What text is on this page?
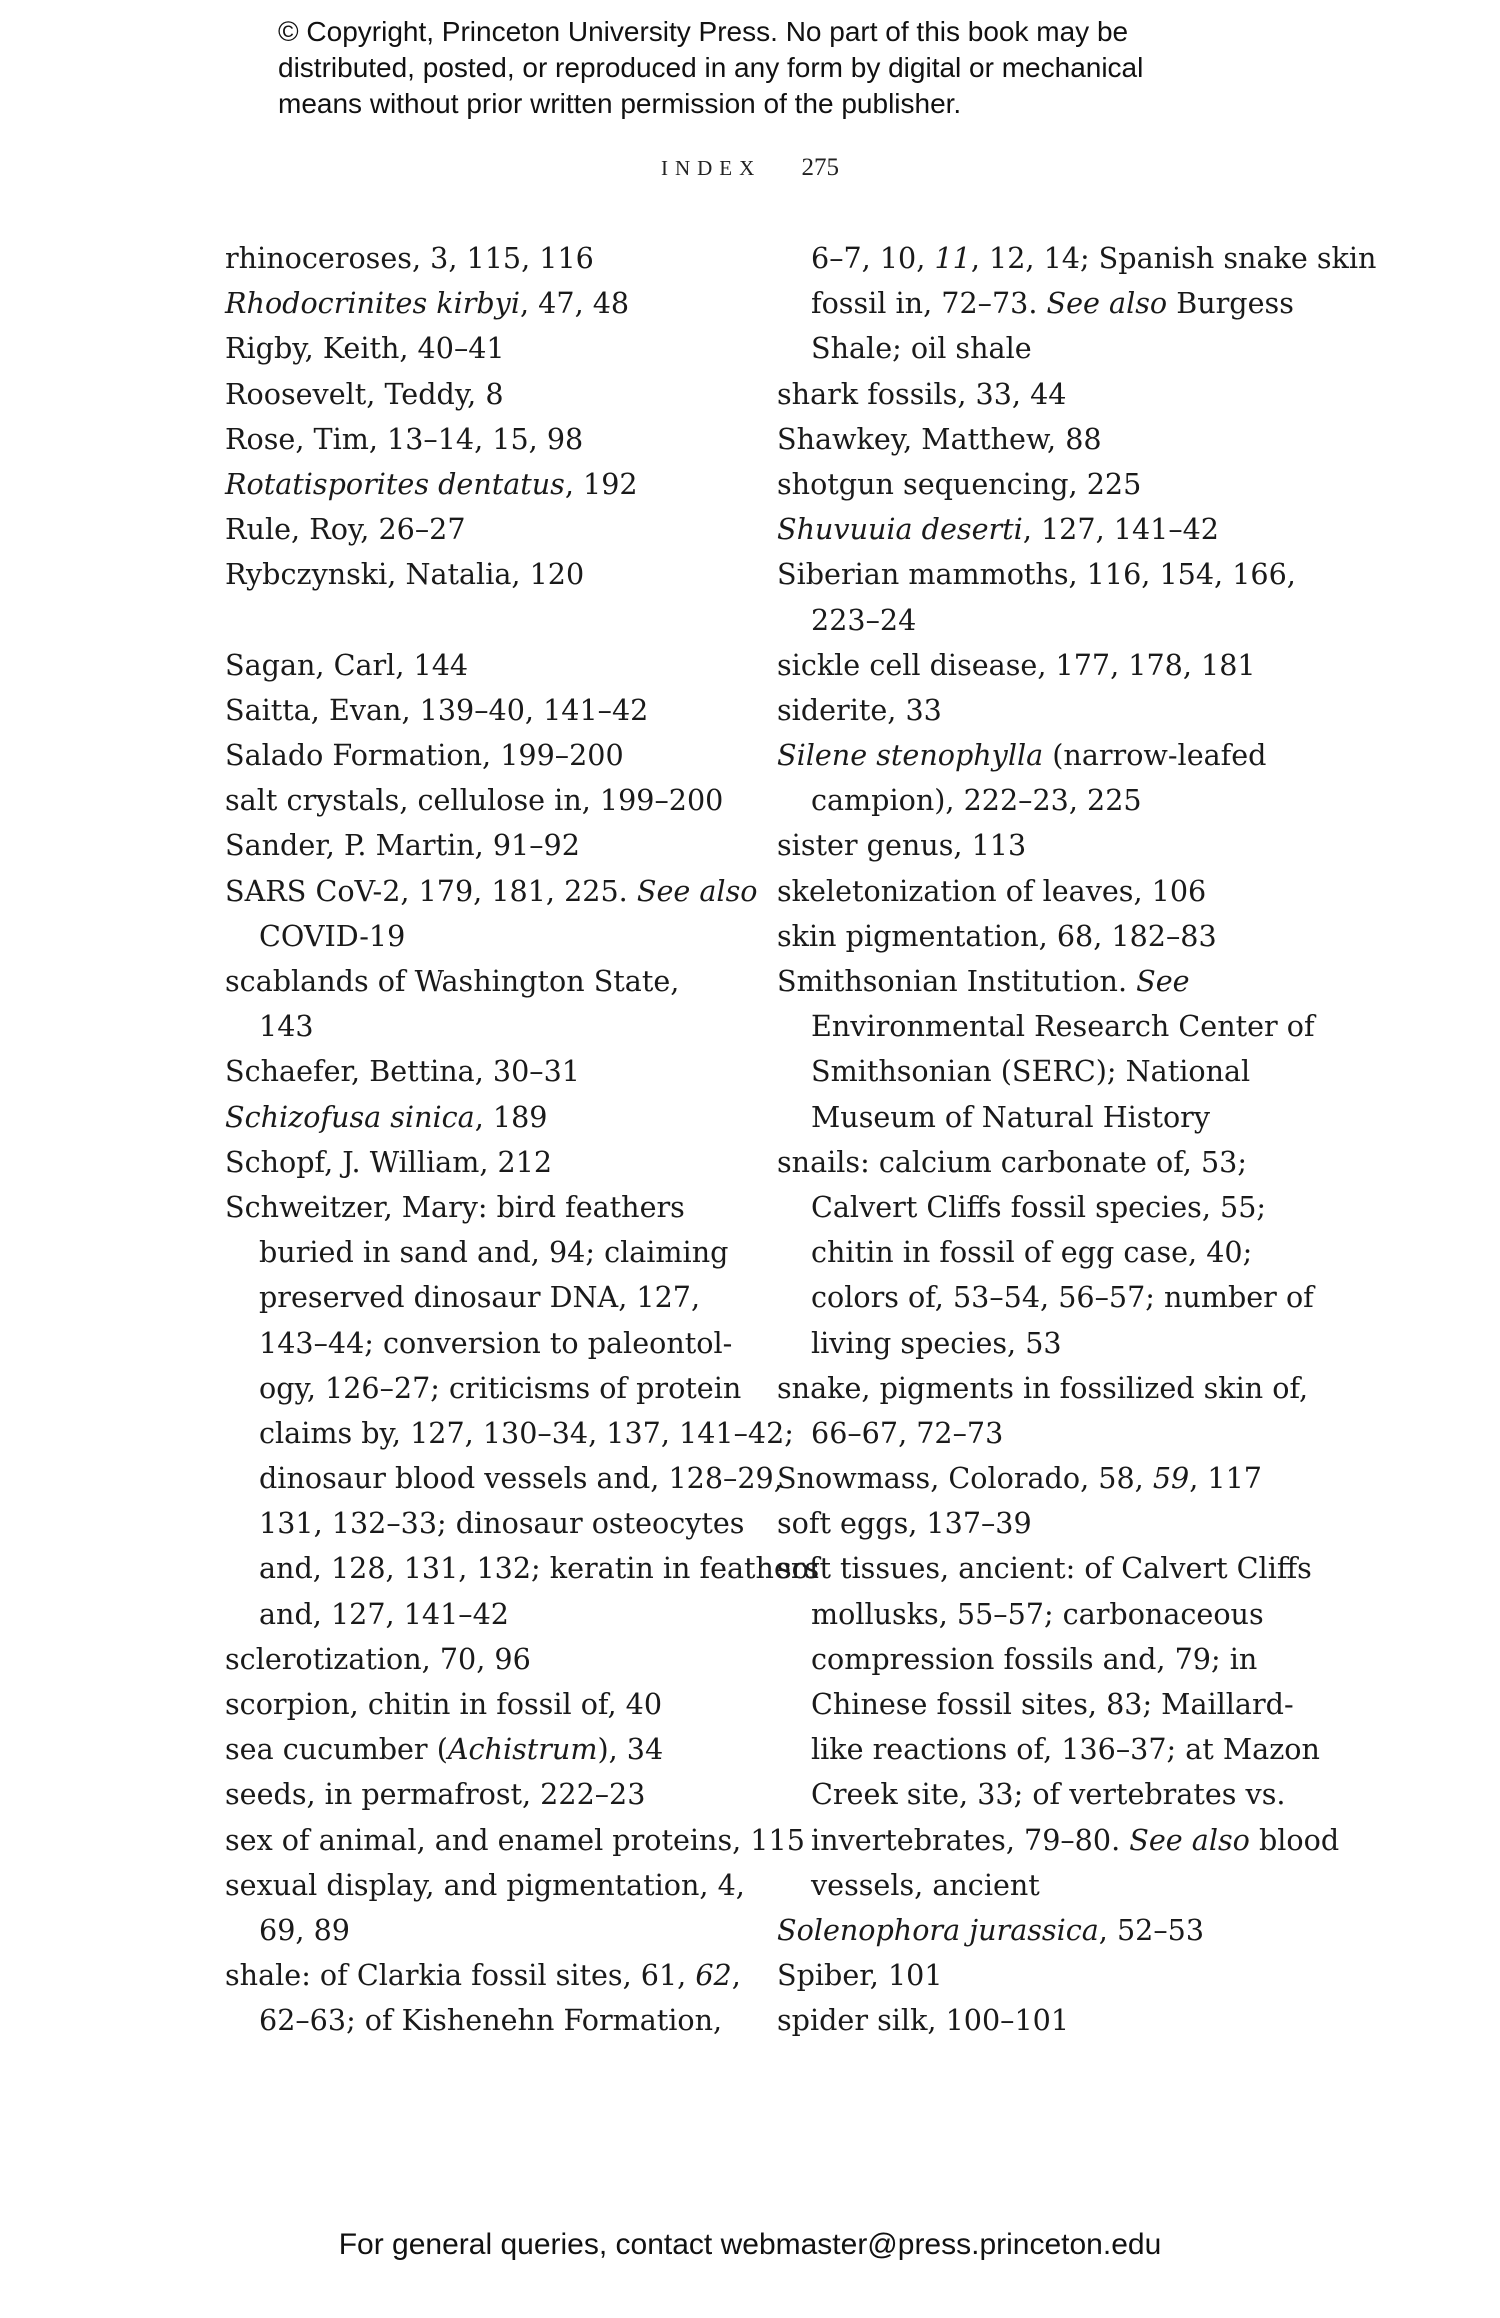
© Copyright, Princeton University Press. No part of this book may be
distributed, posted, or reproduced in any form by digital or mechanical
means without prior written permission of the publisher.
INDEX 275
rhinoceroses, 3, 115, 116
Rhodocrinites kirbyi, 47, 48
Rigby, Keith, 40–41
Roosevelt, Teddy, 8
Rose, Tim, 13–14, 15, 98
Rotatisporites dentatus, 192
Rule, Roy, 26–27
Rybczynski, Natalia, 120
Sagan, Carl, 144
Saitta, Evan, 139–40, 141–42
Salado Formation, 199–200
salt crystals, cellulose in, 199–200
Sander, P. Martin, 91–92
SARS CoV-2, 179, 181, 225. See also
COVID-19
scablands of Washington State,
143
Schaefer, Bettina, 30–31
Schizofusa sinica, 189
Schopf, J. William, 212
Schweitzer, Mary: bird feathers
buried in sand and, 94; claiming
preserved dinosaur DNA, 127,
143–44; conversion to paleontol-
ogy, 126–27; criticisms of protein
claims by, 127, 130–34, 137, 141–42;
dinosaur blood vessels and, 128–29,
131, 132–33; dinosaur osteocytes
and, 128, 131, 132; keratin in feathers
and, 127, 141–42
sclerotization, 70, 96
scorpion, chitin in fossil of, 40
sea cucumber (Achistrum), 34
seeds, in permafrost, 222–23
sex of animal, and enamel proteins, 115
sexual display, and pigmentation, 4,
69, 89
shale: of Clarkia fossil sites, 61, 62,
62–63; of Kishenehn Formation,
6–7, 10, 11, 12, 14; Spanish snake skin
fossil in, 72–73. See also Burgess
Shale; oil shale
shark fossils, 33, 44
Shawkey, Matthew, 88
shotgun sequencing, 225
Shuvuuia deserti, 127, 141–42
Siberian mammoths, 116, 154, 166,
223–24
sickle cell disease, 177, 178, 181
siderite, 33
Silene stenophylla (narrow-leafed
campion), 222–23, 225
sister genus, 113
skeletonization of leaves, 106
skin pigmentation, 68, 182–83
Smithsonian Institution. See
Environmental Research Center of
Smithsonian (SERC); National
Museum of Natural History
snails: calcium carbonate of, 53;
Calvert Cliffs fossil species, 55;
chitin in fossil of egg case, 40;
colors of, 53–54, 56–57; number of
living species, 53
snake, pigments in fossilized skin of,
66–67, 72–73
Snowmass, Colorado, 58, 59, 117
soft eggs, 137–39
soft tissues, ancient: of Calvert Cliffs
mollusks, 55–57; carbonaceous
compression fossils and, 79; in
Chinese fossil sites, 83; Maillard-
like reactions of, 136–37; at Mazon
Creek site, 33; of vertebrates vs.
invertebrates, 79–80. See also blood
vessels, ancient
Solenophora jurassica, 52–53
Spiber, 101
spider silk, 100–101
For general queries, contact webmaster@press.princeton.edu
